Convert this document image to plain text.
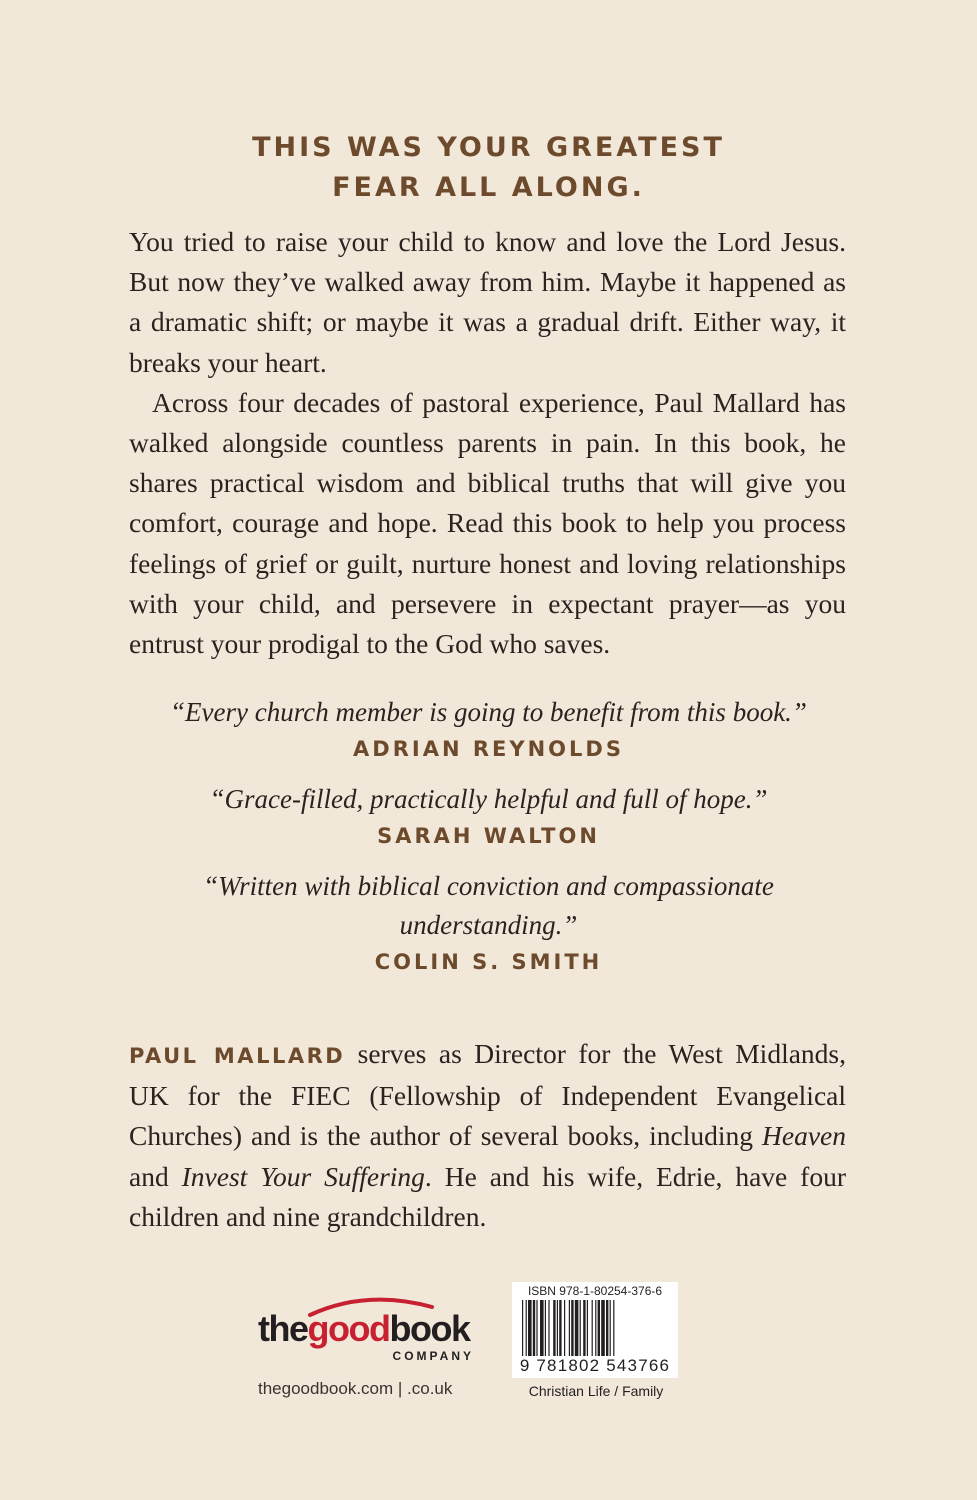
THIS WAS YOUR GREATEST
FEAR ALL ALONG.

You tried to raise your child to know and love the Lord Jesus. But now they’ve walked away from him. Maybe it happened as a dramatic shift; or maybe it was a gradual drift. Either way, it breaks your heart.

Across four decades of pastoral experience, Paul Mallard has walked alongside countless parents in pain. In this book, he shares practical wisdom and biblical truths that will give you comfort, courage and hope. Read this book to help you process feelings of grief or guilt, nurture honest and loving relationships with your child, and persevere in expectant prayer—as you entrust your prodigal to the God who saves.

“Every church member is going to benefit from this book.”
ADRIAN REYNOLDS
“Grace-filled, practically helpful and full of hope.”
SARAH WALTON
“Written with biblical conviction and compassionate understanding.”
COLIN S. SMITH

PAUL MALLARD serves as Director for the West Midlands, UK for the FIEC (Fellowship of Independent Evangelical Churches) and is the author of several books, including Heaven and Invest Your Suffering. He and his wife, Edrie, have four children and nine grandchildren.

thegoodbook
COMPANY
thegoodbook.com | .co.uk
ISBN 978-1-80254-376-6
9 781802 543766
Christian Life / Family
